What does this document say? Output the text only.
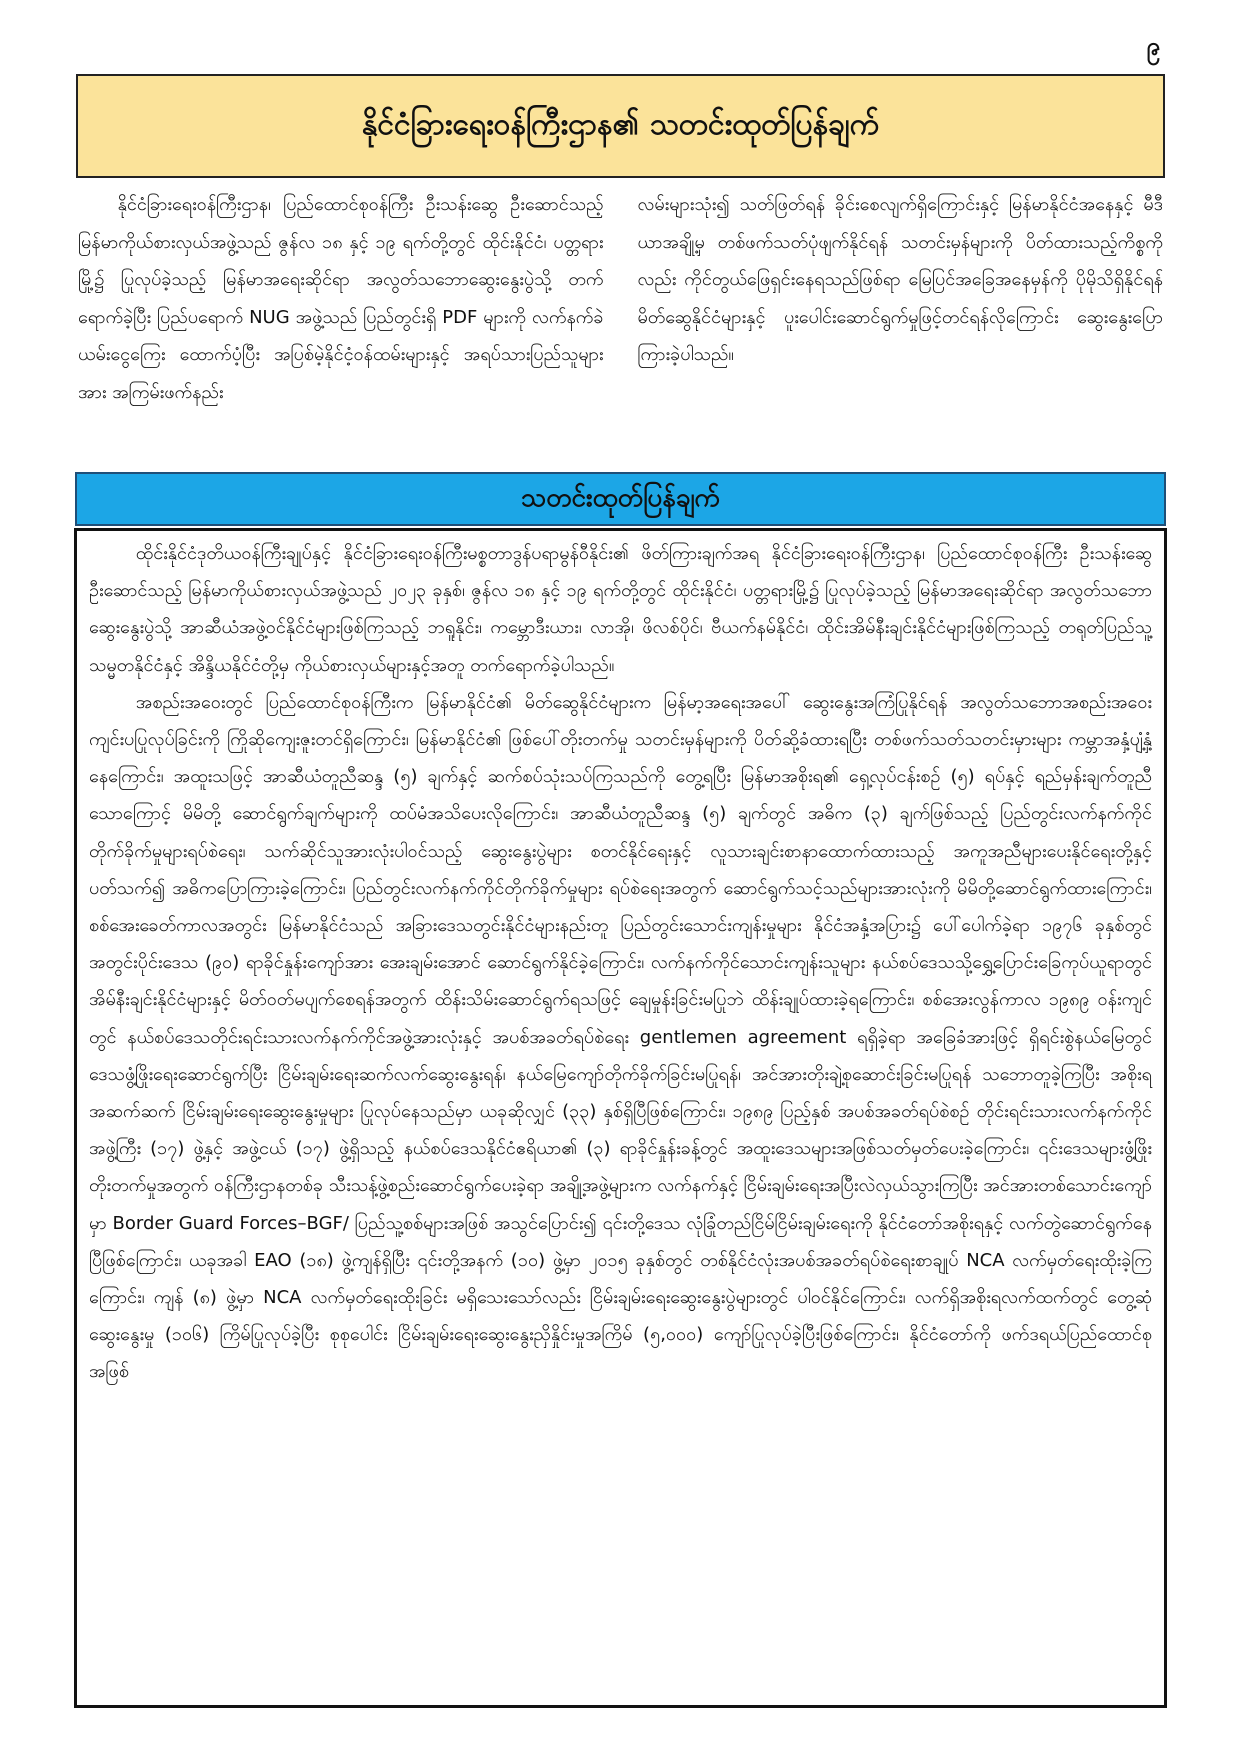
၉
နိုင်ငံခြားရေးဝန်ကြီးဌာန၏ သတင်းထုတ်ပြန်ချက်

နိုင်ငံခြားရေးဝန်ကြီးဌာန၊ ပြည်ထောင်စုဝန်ကြီး ဦးသန်းဆွေ ဦးဆောင်သည့် မြန်မာကိုယ်စားလှယ်အဖွဲ့သည် ဇွန်လ ၁၈ နှင့် ၁၉ ရက်တို့တွင် ထိုင်းနိုင်ငံ၊ ပတ္တရားမြို့၌ ပြုလုပ်ခဲ့သည့် မြန်မာအရေးဆိုင်ရာ အလွတ်သဘောဆွေးနွေးပွဲသို့ တက်ရောက်ခဲ့ပြီး ပြည်ပရောက် NUG အဖွဲ့သည် ပြည်တွင်းရှိ PDF များကို လက်နက်ခဲယမ်းငွေကြေး ထောက်ပံ့ပြီး အပြစ်မဲ့နိုင်ငံ့ဝန်ထမ်းများနှင့် အရပ်သားပြည်သူများအား အကြမ်းဖက်နည်း

လမ်းများသုံး၍ သတ်ဖြတ်ရန် ခိုင်းစေလျက်ရှိကြောင်းနှင့် မြန်မာနိုင်ငံအနေနှင့် မီဒီယာအချို့မှ တစ်ဖက်သတ်ပုံဖျက်နိုင်ရန် သတင်းမှန်များကို ပိတ်ထားသည့်ကိစ္စကိုလည်း ကိုင်တွယ်ဖြေရှင်းနေရသည်ဖြစ်ရာ မြေပြင်အခြေအနေမှန်ကို ပိုမိုသိရှိနိုင်ရန် မိတ်ဆွေနိုင်ငံများနှင့် ပူးပေါင်းဆောင်ရွက်မှုဖြင့်တင်ရန်လိုကြောင်း ဆွေးနွေးပြောကြားခဲ့ပါသည်။

သတင်းထုတ်ပြန်ချက်

ထိုင်းနိုင်ငံဒုတိယဝန်ကြီးချုပ်နှင့် နိုင်ငံခြားရေးဝန်ကြီးမစ္စတာဒွန်ပရာမွန်ဝီနိုင်း၏ ဖိတ်ကြားချက်အရ နိုင်ငံခြားရေးဝန်ကြီးဌာန၊ ပြည်ထောင်စုဝန်ကြီး ဦးသန်းဆွေ ဦးဆောင်သည့် မြန်မာကိုယ်စားလှယ်အဖွဲ့သည် ၂၀၂၃ ခုနှစ်၊ ဇွန်လ ၁၈ နှင့် ၁၉ ရက်တို့တွင် ထိုင်းနိုင်ငံ၊ ပတ္တရားမြို့၌ ပြုလုပ်ခဲ့သည့် မြန်မာအရေးဆိုင်ရာ အလွတ်သဘောဆွေးနွေးပွဲသို့ အာဆီယံအဖွဲ့ဝင်နိုင်ငံများဖြစ်ကြသည့် ဘရူနိုင်း၊ ကမ္ဘောဒီးယား၊ လာအို၊ ဖိလစ်ပိုင်၊ ဗီယက်နမ်နိုင်ငံ၊ ထိုင်းအိမ်နီးချင်းနိုင်ငံများဖြစ်ကြသည့် တရုတ်ပြည်သူ့သမ္မတနိုင်ငံနှင့် အိန္ဒိယနိုင်ငံတို့မှ ကိုယ်စားလှယ်များနှင့်အတူ တက်ရောက်ခဲ့ပါသည်။

အစည်းအဝေးတွင် ပြည်ထောင်စုဝန်ကြီးက မြန်မာနိုင်ငံ၏ မိတ်ဆွေနိုင်ငံများက မြန်မာ့အရေးအပေါ် ဆွေးနွေးအကြံပြုနိုင်ရန် အလွတ်သဘောအစည်းအဝေး ကျင်းပပြုလုပ်ခြင်းကို ကြိုဆိုကျေးဇူးတင်ရှိကြောင်း၊ မြန်မာနိုင်ငံ၏ ဖြစ်ပေါ်တိုးတက်မှု သတင်းမှန်များကို ပိတ်ဆို့ခံထားရပြီး တစ်ဖက်သတ်သတင်းမှားများ ကမ္ဘာအနှံ့ပျံ့နှံ့နေကြောင်း၊ အထူးသဖြင့် အာဆီယံတူညီဆန္ဒ (၅) ချက်နှင့် ဆက်စပ်သုံးသပ်ကြသည်ကို တွေ့ရပြီး မြန်မာအစိုးရ၏ ရှေ့လုပ်ငန်းစဉ် (၅) ရပ်နှင့် ရည်မှန်းချက်တူညီသောကြောင့် မိမိတို့ ဆောင်ရွက်ချက်များကို ထပ်မံအသိပေးလိုကြောင်း၊ အာဆီယံတူညီဆန္ဒ (၅) ချက်တွင် အဓိက (၃) ချက်ဖြစ်သည့် ပြည်တွင်းလက်နက်ကိုင်တိုက်ခိုက်မှုများရပ်စဲရေး၊ သက်ဆိုင်သူအားလုံးပါဝင်သည့် ဆွေးနွေးပွဲများ စတင်နိုင်ရေးနှင့် လူသားချင်းစာနာထောက်ထားသည့် အကူအညီများပေးနိုင်ရေးတို့နှင့်ပတ်သက်၍ အဓိကပြောကြားခဲ့ကြောင်း၊ ပြည်တွင်းလက်နက်ကိုင်တိုက်ခိုက်မှုများ ရပ်စဲရေးအတွက် ဆောင်ရွက်သင့်သည်များအားလုံးကို မိမိတို့ဆောင်ရွက်ထားကြောင်း၊ စစ်အေးခေတ်ကာလအတွင်း မြန်မာနိုင်ငံသည် အခြားဒေသတွင်းနိုင်ငံများနည်းတူ ပြည်တွင်းသောင်းကျန်းမှုများ နိုင်ငံအနှံ့အပြား၌ ပေါ်ပေါက်ခဲ့ရာ ၁၉၇၆ ခုနှစ်တွင် အတွင်းပိုင်းဒေသ (၉၀) ရာခိုင်နှုန်းကျော်အား အေးချမ်းအောင် ဆောင်ရွက်နိုင်ခဲ့ကြောင်း၊ လက်နက်ကိုင်သောင်းကျန်းသူများ နယ်စပ်ဒေသသို့ရွှေ့ပြောင်းခြေကုပ်ယူရာတွင် အိမ်နီးချင်းနိုင်ငံများနှင့် မိတ်ဝတ်မပျက်စေရန်အတွက် ထိန်းသိမ်းဆောင်ရွက်ရသဖြင့် ချေမှုန်းခြင်းမပြုဘဲ ထိန်းချုပ်ထားခဲ့ရကြောင်း၊ စစ်အေးလွန်ကာလ ၁၉၈၉ ဝန်းကျင်တွင် နယ်စပ်ဒေသတိုင်းရင်းသားလက်နက်ကိုင်အဖွဲ့အားလုံးနှင့် အပစ်အခတ်ရပ်စဲရေး gentlemen agreement ရရှိခဲ့ရာ အခြေခံအားဖြင့် ရှိရင်းစွဲနယ်မြေတွင် ဒေသဖွံ့ဖြိုးရေးဆောင်ရွက်ပြီး ငြိမ်းချမ်းရေးဆက်လက်ဆွေးနွေးရန်၊ နယ်မြေကျော်တိုက်ခိုက်ခြင်းမပြုရန်၊ အင်အားတိုးချဲ့စုဆောင်းခြင်းမပြုရန် သဘောတူခဲ့ကြပြီး အစိုးရအဆက်ဆက် ငြိမ်းချမ်းရေးဆွေးနွေးမှုများ ပြုလုပ်နေသည်မှာ ယခုဆိုလျှင် (၃၃) နှစ်ရှိပြီဖြစ်ကြောင်း၊ ၁၉၈၉ ပြည့်နှစ် အပစ်အခတ်ရပ်စဲစဉ် တိုင်းရင်းသားလက်နက်ကိုင်အဖွဲ့ကြီး (၁၇) ဖွဲ့နှင့် အဖွဲ့ငယ် (၁၇) ဖွဲ့ရှိသည့် နယ်စပ်ဒေသနိုင်ငံဧရိယာ၏ (၃) ရာခိုင်နှုန်းခန့်တွင် အထူးဒေသများအဖြစ်သတ်မှတ်ပေးခဲ့ကြောင်း၊ ၎င်းဒေသများဖွံ့ဖြိုးတိုးတက်မှုအတွက် ဝန်ကြီးဌာနတစ်ခု သီးသန့်ဖွဲ့စည်းဆောင်ရွက်ပေးခဲ့ရာ အချို့အဖွဲ့များက လက်နက်နှင့် ငြိမ်းချမ်းရေးအပြီးလဲလှယ်သွားကြပြီး အင်အားတစ်သောင်းကျော်မှာ Border Guard Forces–BGF/ ပြည်သူ့စစ်များအဖြစ် အသွင်ပြောင်း၍ ၎င်းတို့ဒေသ လုံခြုံတည်ငြိမ်ငြိမ်းချမ်းရေးကို နိုင်ငံတော်အစိုးရနှင့် လက်တွဲဆောင်ရွက်နေပြီဖြစ်ကြောင်း၊ ယခုအခါ EAO (၁၈) ဖွဲ့ကျန်ရှိပြီး ၎င်းတို့အနက် (၁၀) ဖွဲ့မှာ ၂၀၁၅ ခုနှစ်တွင် တစ်နိုင်ငံလုံးအပစ်အခတ်ရပ်စဲရေးစာချုပ် NCA လက်မှတ်ရေးထိုးခဲ့ကြကြောင်း၊ ကျန် (၈) ဖွဲ့မှာ NCA လက်မှတ်ရေးထိုးခြင်း မရှိသေးသော်လည်း ငြိမ်းချမ်းရေးဆွေးနွေးပွဲများတွင် ပါဝင်နိုင်ကြောင်း၊ လက်ရှိအစိုးရလက်ထက်တွင် တွေ့ဆုံဆွေးနွေးမှု (၁၀၆) ကြိမ်ပြုလုပ်ခဲ့ပြီး စုစုပေါင်း ငြိမ်းချမ်းရေးဆွေးနွေးညှိနှိုင်းမှုအကြိမ် (၅,၀၀၀) ကျော်ပြုလုပ်ခဲ့ပြီးဖြစ်ကြောင်း၊ နိုင်ငံတော်ကို ဖက်ဒရယ်ပြည်ထောင်စုအဖြစ်
